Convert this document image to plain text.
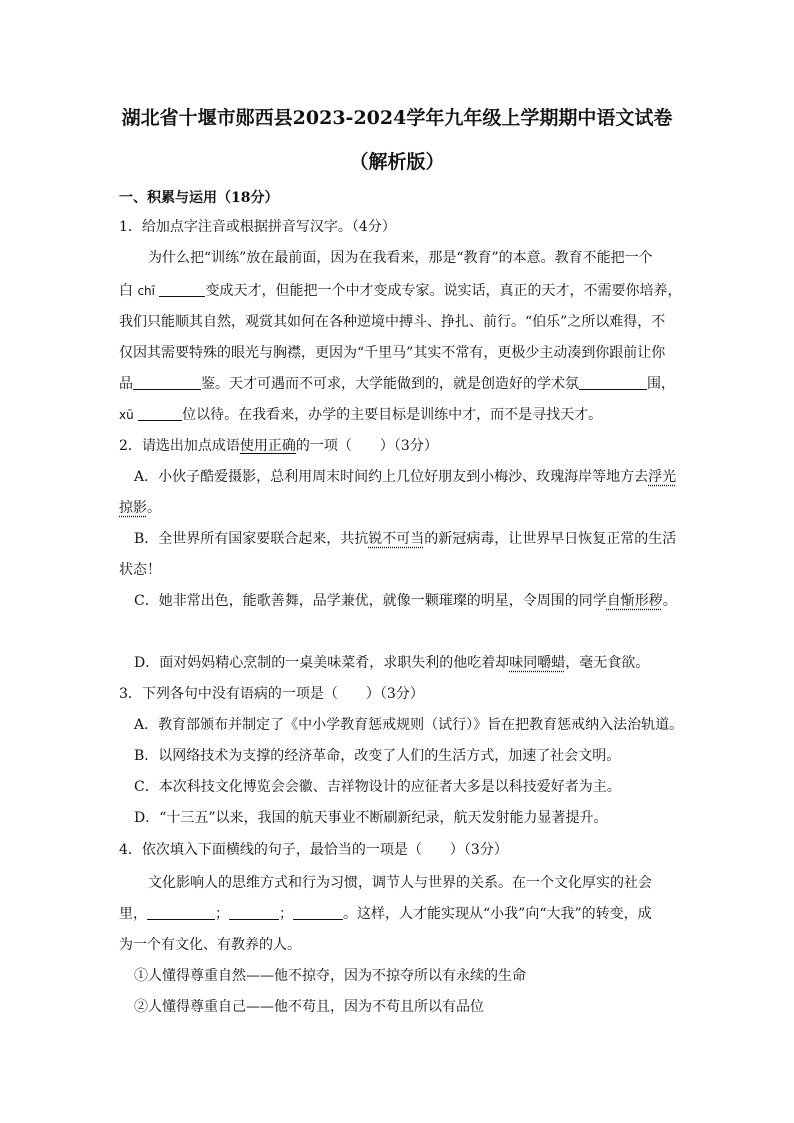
湖北省十堰市郧西县2023-2024学年九年级上学期期中语文试卷
（解析版）
一、积累与运用（18分）
1．给加点字注音或根据拼音写汉字。（4分）
为什么把“训练”放在最前面，因为在我看来，那是“教育”的本意。教育不能把一个
白 chī	变成天才，但能把一个中才变成专家。说实话，真正的天才，不需要你培养，
我们只能顺其自然，观赏其如何在各种逆境中搏斗、挣扎、前行。“伯乐”之所以难得，不
仅因其需要特殊的眼光与胸襟，更因为“千里马”其实不常有，更极少主动凑到你跟前让你
品	鉴。天才可遇而不可求，大学能做到的，就是创造好的学术氛	围，
xū	位以待。在我看来，办学的主要目标是训练中才，而不是寻找天才。
2．请选出加点成语使用正确的一项（　　）（3分）
A．小伙子酷爱摄影，总利用周末时间约上几位好朋友到小梅沙、玫瑰海岸等地方去浮光
掠影。
B．全世界所有国家要联合起来，共抗锐不可当的新冠病毒，让世界早日恢复正常的生活
状态！
C．她非常出色，能歌善舞，品学兼优，就像一颗璀璨的明星，令周围的同学自惭形秽。
D．面对妈妈精心烹制的一桌美味菜肴，求职失利的他吃着却味同嚼蜡，毫无食欲。
3．下列各句中没有语病的一项是（　　）（3分）
A．教育部颁布并制定了《中小学教育惩戒规则（试行）》旨在把教育惩戒纳入法治轨道。
B．以网络技术为支撑的经济革命，改变了人们的生活方式，加速了社会文明。
C．本次科技文化博览会会徽、吉祥物设计的应征者大多是以科技爱好者为主。
D．“十三五”以来，我国的航天事业不断刷新纪录，航天发射能力显著提升。
4．依次填入下面横线的句子，最恰当的一项是（　　）（3分）
文化影响人的思维方式和行为习惯，调节人与世界的关系。在一个文化厚实的社会
里，	；	；	。这样，人才能实现从“小我”向“大我”的转变，成
为一个有文化、有教养的人。
①人懂得尊重自然——他不掠夺，因为不掠夺所以有永续的生命
②人懂得尊重自己——他不苟且，因为不苟且所以有品位
